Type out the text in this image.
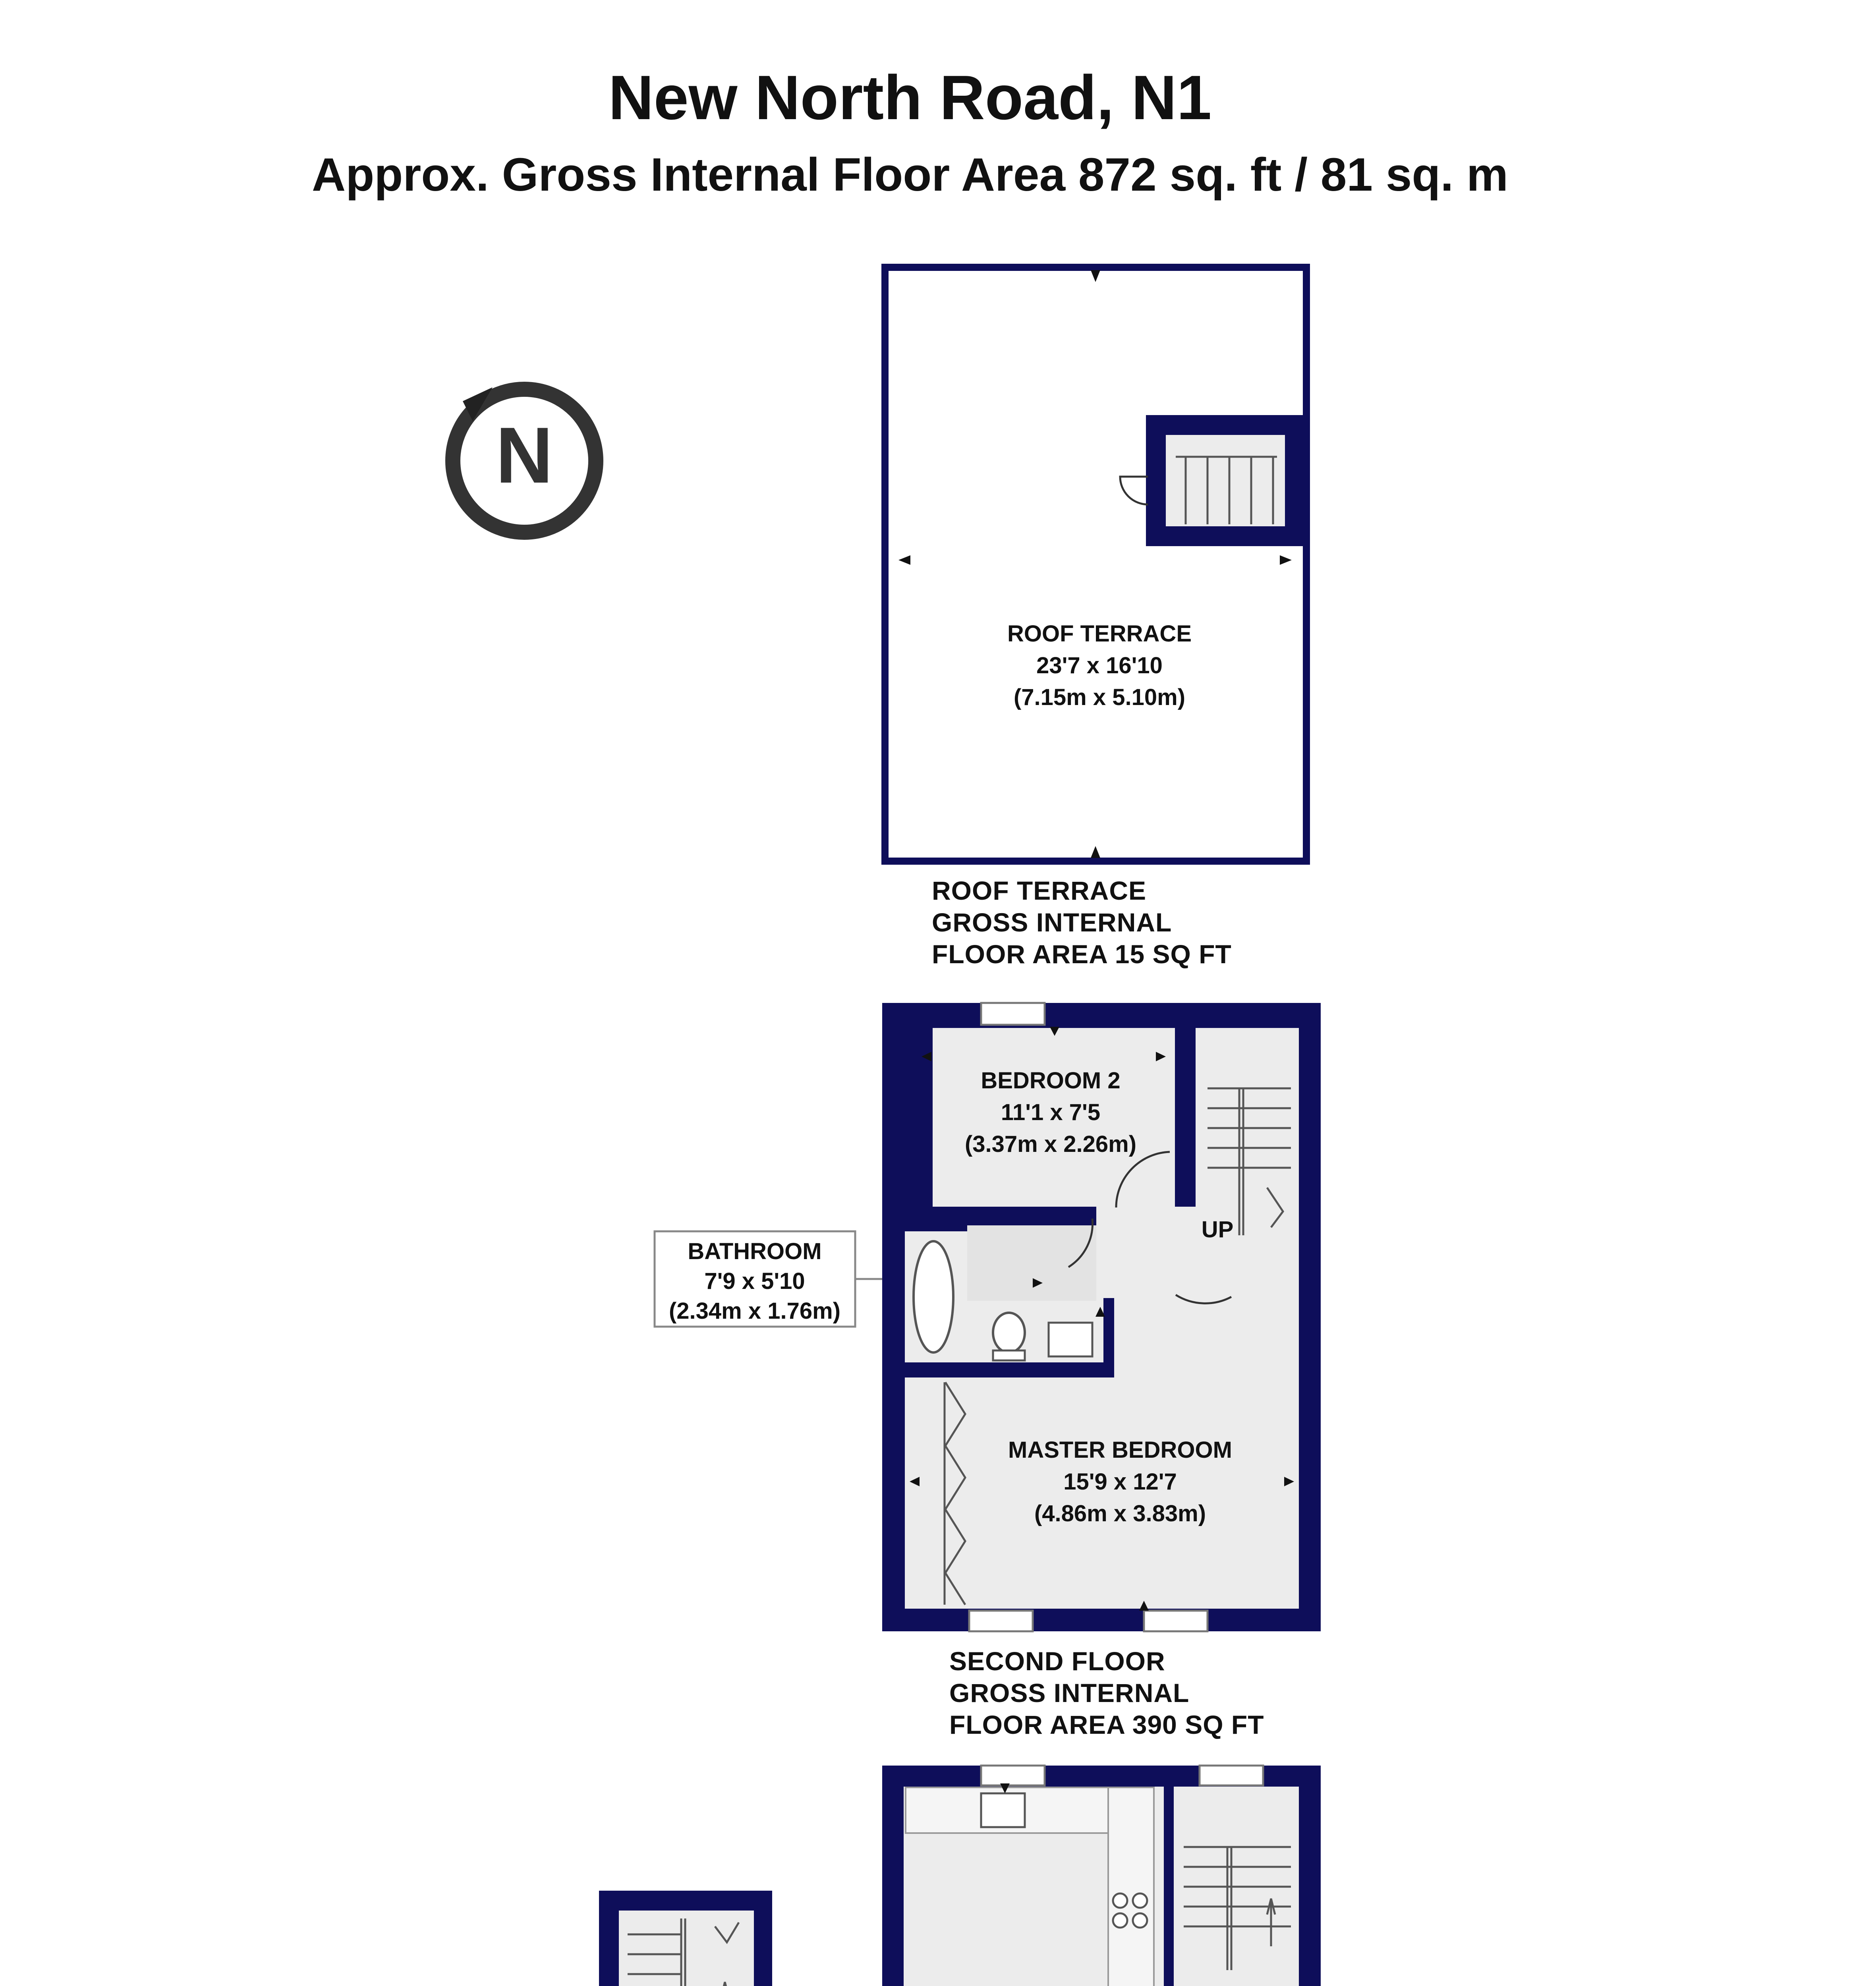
New North Road, N1
Approx. Gross Internal Floor Area 872 sq. ft / 81 sq. m
N
ROOF TERRACE
23'7 x 16'10
(7.15m x 5.10m)
ROOF TERRACE
GROSS INTERNAL
FLOOR AREA 15 SQ FT
BEDROOM 2
11'1 x 7'5
(3.37m x 2.26m)
UP
MASTER BEDROOM
15'9 x 12'7
(4.86m x 3.83m)
BATHROOM
7'9 x 5'10
(2.34m x 1.76m)
SECOND FLOOR
GROSS INTERNAL
FLOOR AREA 390 SQ FT
